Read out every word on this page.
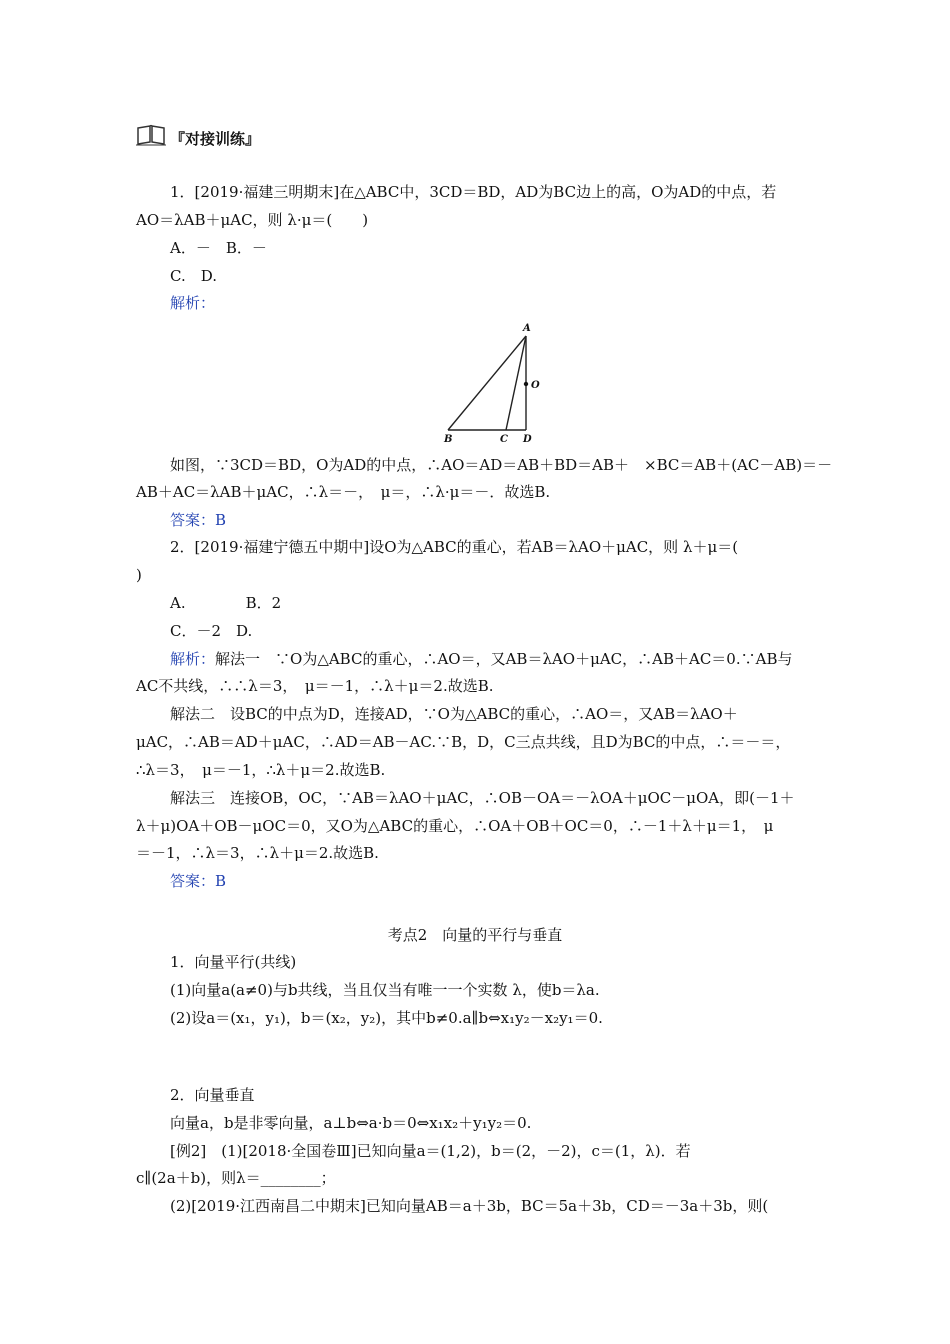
『对接训练』
1．[2019·福建三明期末]在△ABC中，3CD＝BD，AD为BC边上的高，O为AD的中点，若
AO＝λAB＋μAC，则 λ·μ＝(　　)
A．－　B．－
C.　D.
解析：
A
O
B	C D
如图，∵3CD＝BD，O为AD的中点，∴AO＝AD＝AB＋BD＝AB＋　×BC＝AB＋(AC－AB)＝－
AB＋AC＝λAB＋μAC，∴λ＝－，　μ＝，∴λ·μ＝－．故选B.
答案：B
2．[2019·福建宁德五中期中]设O为△ABC的重心，若AB＝λAO＋μAC，则 λ＋μ＝(
)
A.　　　　B．2
C．－2　D.
解析：解法一　∵O为△ABC的重心，∴AO＝，又AB＝λAO＋μAC，∴AB＋AC＝0.∵AB与
AC不共线，∴∴λ＝3，　μ＝－1，∴λ＋μ＝2.故选B.
解法二　设BC的中点为D，连接AD，∵O为△ABC的重心，∴AO＝，又AB＝λAO＋
μAC，∴AB＝AD＋μAC，∴AD＝AB－AC.∵B，D，C三点共线，且D为BC的中点，∴＝－＝，
∴λ＝3，　μ＝－1，∴λ＋μ＝2.故选B.
解法三　连接OB，OC，∵AB＝λAO＋μAC，∴OB－OA＝－λOA＋μOC－μOA，即(－1＋
λ＋μ)OA＋OB－μOC＝0，又O为△ABC的重心，∴OA＋OB＋OC＝0，∴－1＋λ＋μ＝1，　μ
＝－1，∴λ＝3，∴λ＋μ＝2.故选B.
答案：B
考点2　向量的平行与垂直
1．向量平行(共线)
(1)向量a(a≠0)与b共线，当且仅当有唯一一个实数 λ，使b＝λa.
(2)设a＝(x₁，y₁)，b＝(x₂，y₂)，其中b≠0.a∥b⇔x₁y₂－x₂y₁＝0.
2．向量垂直
向量a，b是非零向量，a⊥b⇔a·b＝0⇔x₁x₂＋y₁y₂＝0.
[例2]　(1)[2018·全国卷Ⅲ]已知向量a＝(1,2)，b＝(2，－2)，c＝(1，λ)．若
c∥(2a＋b)，则λ＝________；
(2)[2019·江西南昌二中期末]已知向量AB＝a＋3b，BC＝5a＋3b，CD＝－3a＋3b，则(
